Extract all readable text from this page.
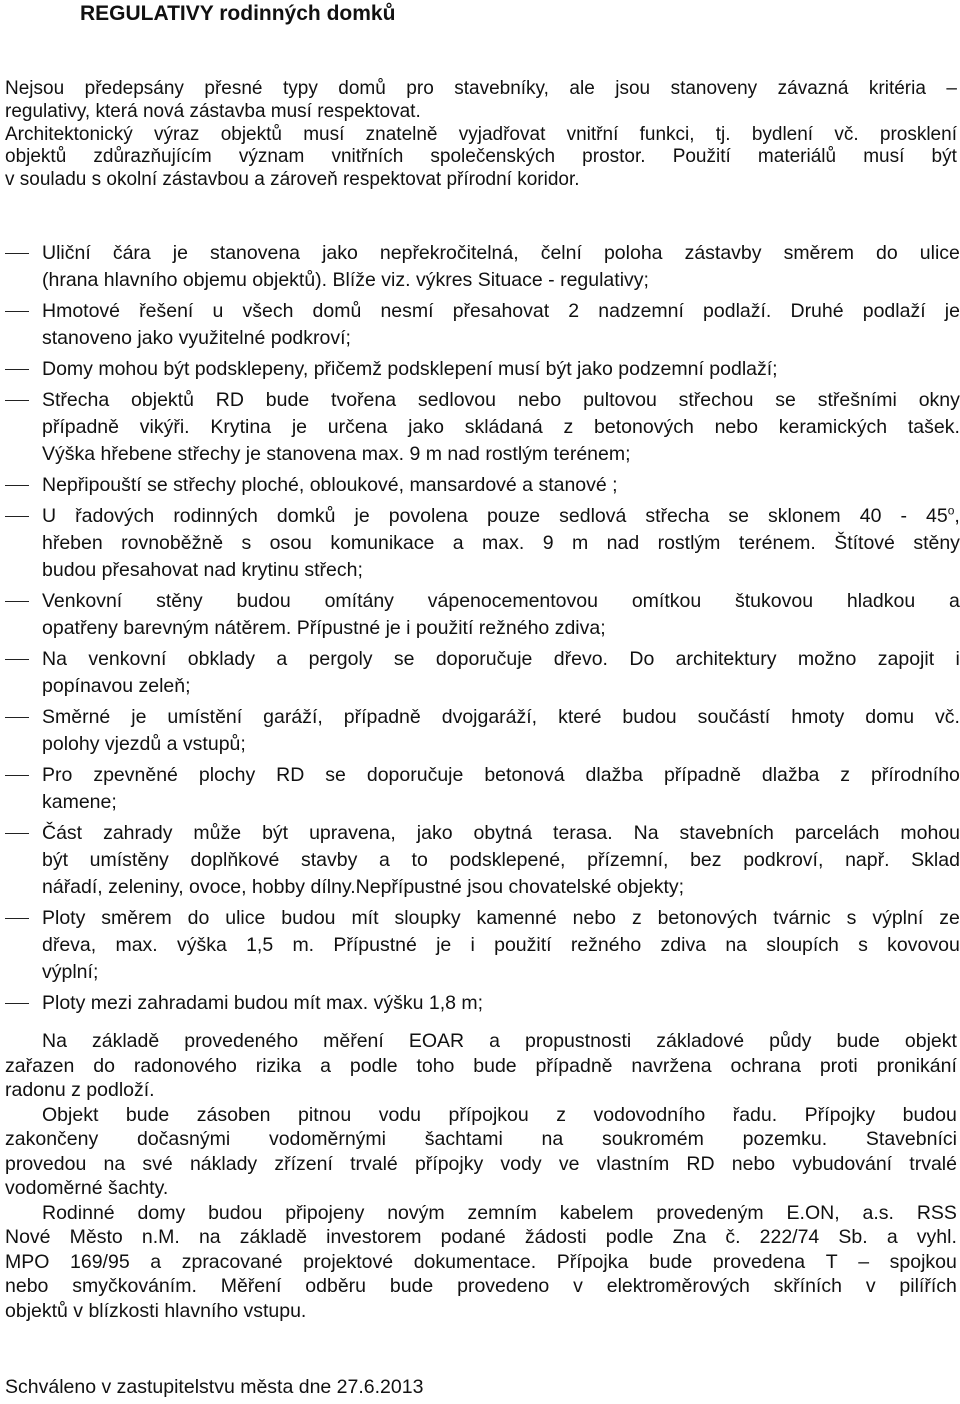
REGULATIVY rodinných domků
Nejsou předepsány přesné typy domů pro stavebníky, ale jsou stanoveny závazná kritéria –
regulativy, která nová zástavba musí respektovat.
Architektonický výraz objektů musí znatelně vyjadřovat vnitřní funkci, tj. bydlení vč. prosklení
objektů zdůrazňujícím význam vnitřních společenských prostor. Použití materiálů musí být
v souladu s okolní zástavbou a zároveň respektovat přírodní koridor.
Uliční čára je stanovena jako nepřekročitelná, čelní poloha zástavby směrem do ulice
(hrana hlavního objemu objektů). Blíže viz. výkres Situace - regulativy;
Hmotové řešení u všech domů nesmí přesahovat 2 nadzemní podlaží. Druhé podlaží je
stanoveno jako využitelné podkroví;
Domy mohou být podsklepeny, přičemž podsklepení musí být jako podzemní podlaží;
Střecha objektů RD bude tvořena sedlovou nebo pultovou střechou se střešními okny
případně vikýři. Krytina je určena jako skládaná z betonových nebo keramických tašek.
Výška hřebene střechy je stanovena max. 9 m nad rostlým terénem;
Nepřipouští se střechy ploché, obloukové, mansardové a stanové ;
U řadových rodinných domků je povolena pouze sedlová střecha se sklonem 40 - 45$^o$,
hřeben rovnoběžně s osou komunikace a max. 9 m nad rostlým terénem. Štítové stěny
budou přesahovat nad krytinu střech;
Venkovní stěny budou omítány vápenocementovou omítkou štukovou hladkou a
opatřeny barevným nátěrem. Přípustné je i použití režného zdiva;
Na venkovní obklady a pergoly se doporučuje dřevo. Do architektury možno zapojit i
popínavou zeleň;
Směrné je umístění garáží, případně dvojgaráží, které budou součástí hmoty domu vč.
polohy vjezdů a vstupů;
Pro zpevněné plochy RD se doporučuje betonová dlažba případně dlažba z přírodního
kamene;
Část zahrady může být upravena, jako obytná terasa. Na stavebních parcelách mohou
být umístěny doplňkové stavby a to podsklepené, přízemní, bez podkroví, např. Sklad
nářadí, zeleniny, ovoce, hobby dílny.Nepřípustné jsou chovatelské objekty;
Ploty směrem do ulice budou mít sloupky kamenné nebo z betonových tvárnic s výplní ze
dřeva, max. výška 1,5 m. Přípustné je i použití režného zdiva na sloupích s kovovou
výplní;
Ploty mezi zahradami budou mít max. výšku 1,8 m;
Na základě provedeného měření EOAR a propustnosti základové půdy bude objekt
zařazen do radonového rizika a podle toho bude případně navržena ochrana proti pronikání
radonu z podloží.
Objekt bude zásoben pitnou vodu přípojkou z vodovodního řadu. Přípojky budou
zakončeny dočasnými vodoměrnými šachtami na soukromém pozemku. Stavebníci
provedou na své náklady zřízení trvalé přípojky vody ve vlastním RD nebo vybudování trvalé
vodoměrné šachty.
Rodinné domy budou připojeny novým zemním kabelem provedeným E.ON, a.s. RSS
Nové Město n.M. na základě investorem podané žádosti podle Zna č. 222/74 Sb. a vyhl.
MPO 169/95 a zpracované projektové dokumentace. Přípojka bude provedena T – spojkou
nebo smyčkováním. Měření odběru bude provedeno v elektroměrových skříních v pilířích
objektů v blízkosti hlavního vstupu.
Schváleno v zastupitelstvu města dne 27.6.2013
